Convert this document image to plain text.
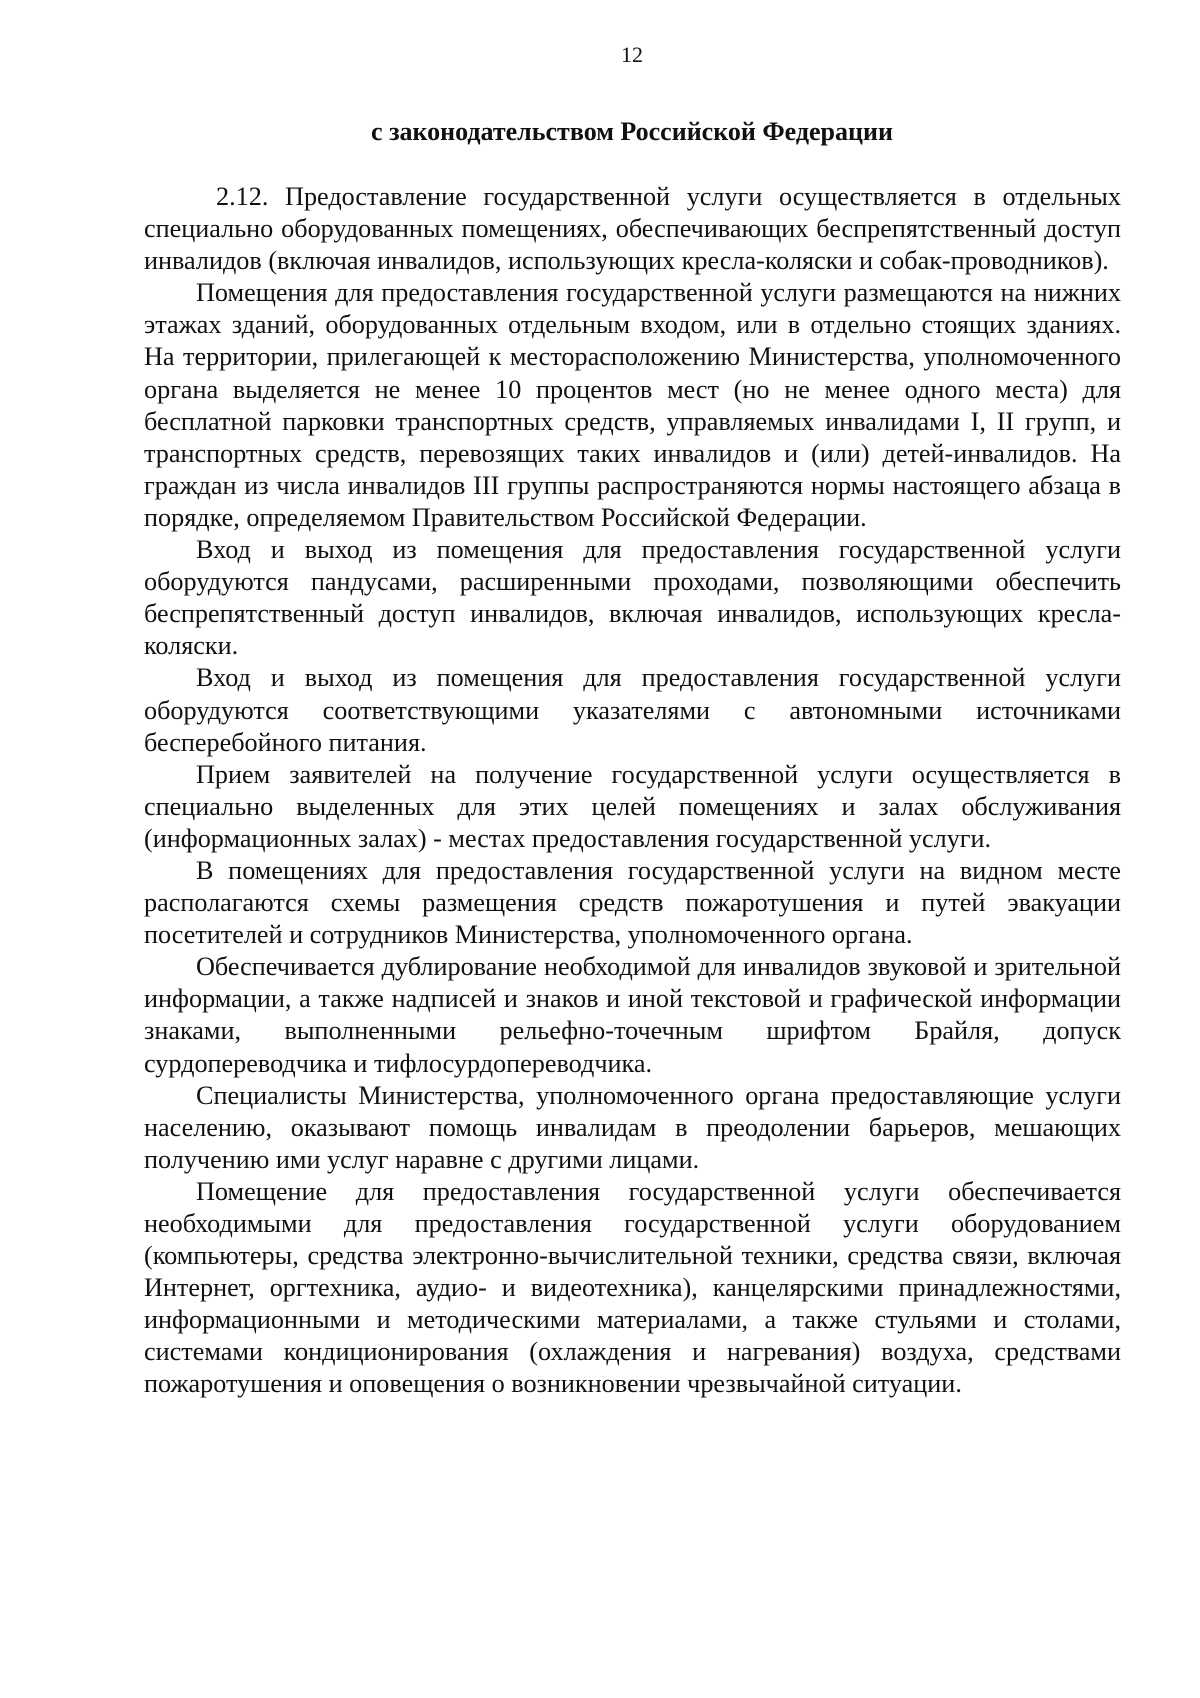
12
с законодательством Российской Федерации

2.12. Предоставление государственной услуги осуществляется в отдельных специально оборудованных помещениях, обеспечивающих беспрепятственный доступ инвалидов (включая инвалидов, использующих кресла-коляски и собак-проводников).

Помещения для предоставления государственной услуги размещаются на нижних этажах зданий, оборудованных отдельным входом, или в отдельно стоящих зданиях. На территории, прилегающей к месторасположению Министерства, уполномоченного органа выделяется не менее 10 процентов мест (но не менее одного места) для бесплатной парковки транспортных средств, управляемых инвалидами I, II групп, и транспортных средств, перевозящих таких инвалидов и (или) детей-инвалидов. На граждан из числа инвалидов III группы распространяются нормы настоящего абзаца в порядке, определяемом Правительством Российской Федерации.

Вход и выход из помещения для предоставления государственной услуги оборудуются пандусами, расширенными проходами, позволяющими обеспечить беспрепятственный доступ инвалидов, включая инвалидов, использующих кресла-коляски.

Вход и выход из помещения для предоставления государственной услуги оборудуются соответствующими указателями с автономными источниками бесперебойного питания.

Прием заявителей на получение государственной услуги осуществляется в специально выделенных для этих целей помещениях и залах обслуживания (информационных залах) - местах предоставления государственной услуги.

В помещениях для предоставления государственной услуги на видном месте располагаются схемы размещения средств пожаротушения и путей эвакуации посетителей и сотрудников Министерства, уполномоченного органа.

Обеспечивается дублирование необходимой для инвалидов звуковой и зрительной информации, а также надписей и знаков и иной текстовой и графической информации знаками, выполненными рельефно-точечным шрифтом Брайля, допуск сурдопереводчика и тифлосурдопереводчика.

Специалисты Министерства, уполномоченного органа предоставляющие услуги населению, оказывают помощь инвалидам в преодолении барьеров, мешающих получению ими услуг наравне с другими лицами.

Помещение для предоставления государственной услуги обеспечивается необходимыми для предоставления государственной услуги оборудованием (компьютеры, средства электронно-вычислительной техники, средства связи, включая Интернет, оргтехника, аудио- и видеотехника), канцелярскими принадлежностями, информационными и методическими материалами, а также стульями и столами, системами кондиционирования (охлаждения и нагревания) воздуха, средствами пожаротушения и оповещения о возникновении чрезвычайной ситуации.
